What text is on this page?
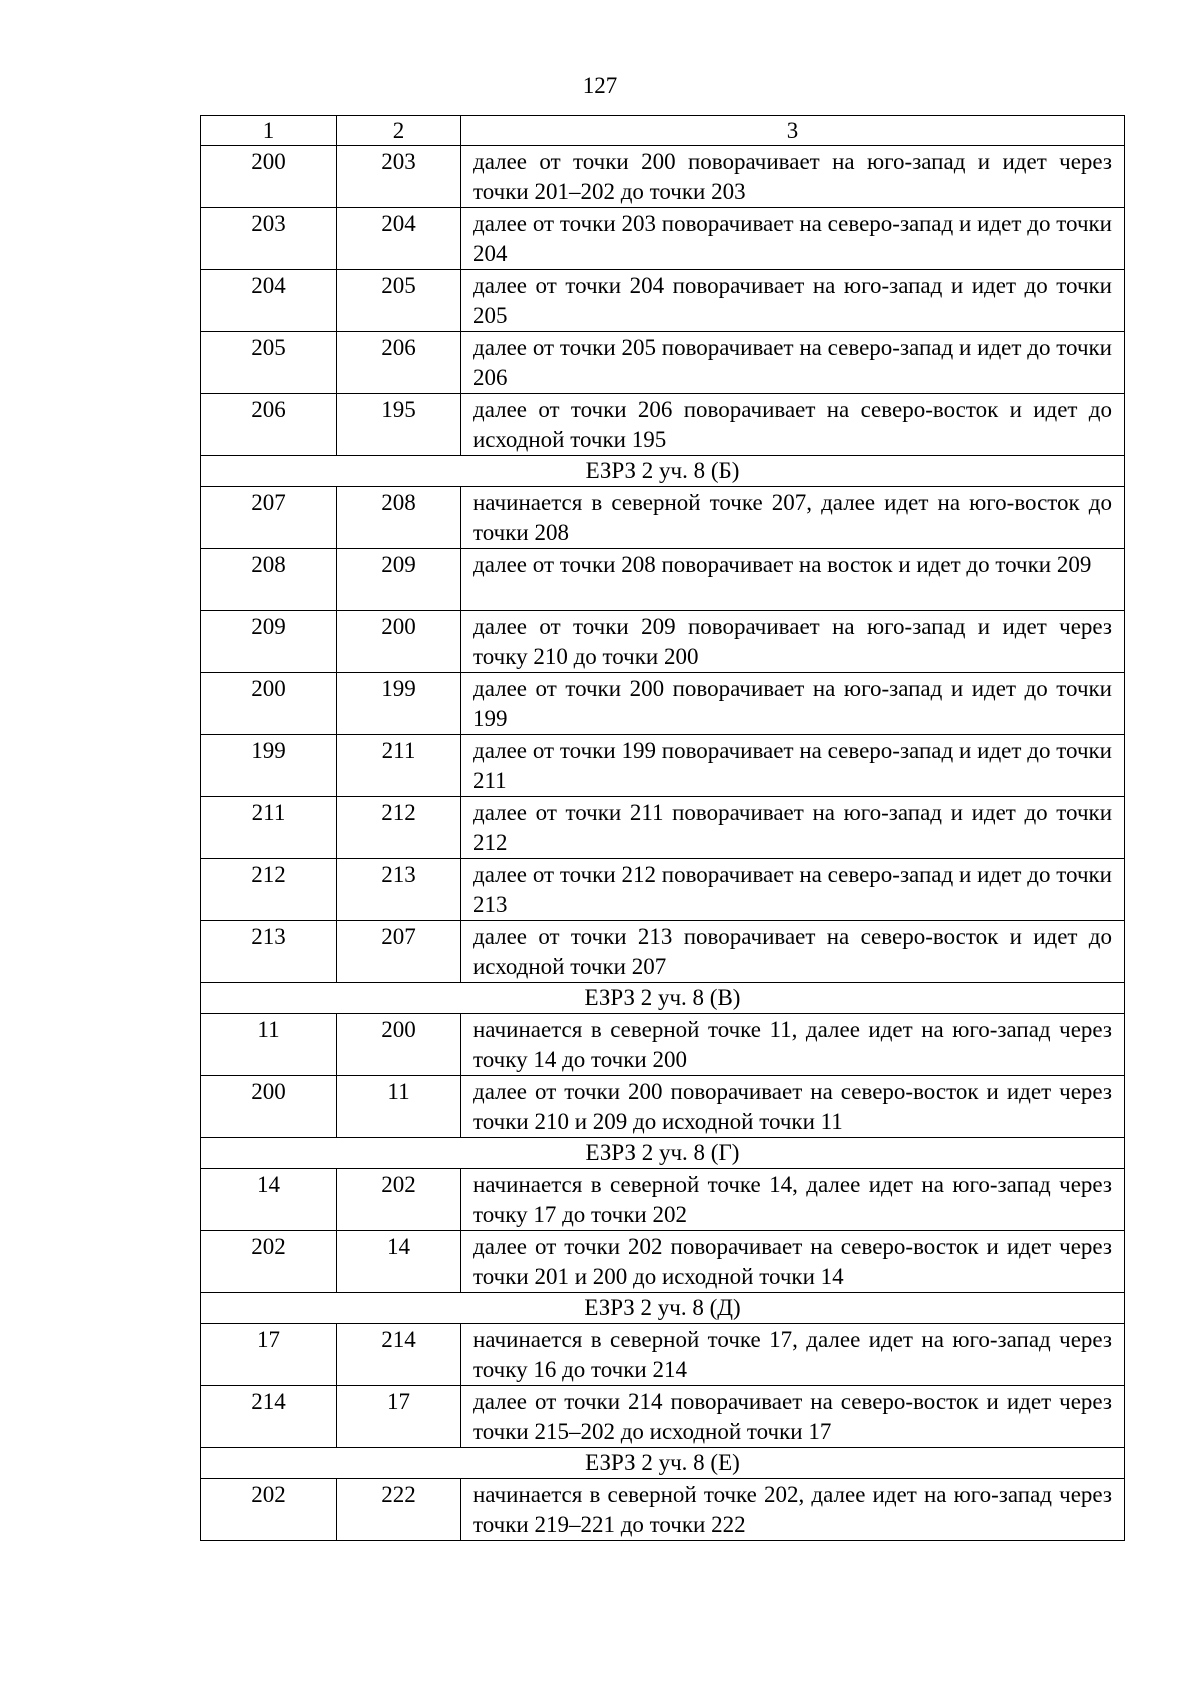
127
1	2	3
200	203	далее от точки 200 поворачивает на юго-запад и идет через точки 201–202 до точки 203
203	204	далее от точки 203 поворачивает на северо-запад и идет до точки 204
204	205	далее от точки 204 поворачивает на юго-запад и идет до точки 205
205	206	далее от точки 205 поворачивает на северо-запад и идет до точки 206
206	195	далее от точки 206 поворачивает на северо-восток и идет до исходной точки 195
ЕЗРЗ 2 уч. 8 (Б)		
207	208	начинается в северной точке 207, далее идет на юго-восток до точки 208
208	209	далее от точки 208 поворачивает на восток и идет до точки 209
209	200	далее от точки 209 поворачивает на юго-запад и идет через точку 210 до точки 200
200	199	далее от точки 200 поворачивает на юго-запад и идет до точки 199
199	211	далее от точки 199 поворачивает на северо-запад и идет до точки 211
211	212	далее от точки 211 поворачивает на юго-запад и идет до точки 212
212	213	далее от точки 212 поворачивает на северо-запад и идет до точки 213
213	207	далее от точки 213 поворачивает на северо-восток и идет до исходной точки 207
ЕЗРЗ 2 уч. 8 (В)		
11	200	начинается в северной точке 11, далее идет на юго-запад через точку 14 до точки 200
200	11	далее от точки 200 поворачивает на северо-восток и идет через точки 210 и 209 до исходной точки 11
ЕЗРЗ 2 уч. 8 (Г)		
14	202	начинается в северной точке 14, далее идет на юго-запад через точку 17 до точки 202
202	14	далее от точки 202 поворачивает на северо-восток и идет через точки 201 и 200 до исходной точки 14
ЕЗРЗ 2 уч. 8 (Д)		
17	214	начинается в северной точке 17, далее идет на юго-запад через точку 16 до точки 214
214	17	далее от точки 214 поворачивает на северо-восток и идет через точки 215–202 до исходной точки 17
ЕЗРЗ 2 уч. 8 (Е)		
202	222	начинается в северной точке 202, далее идет на юго-запад через точки 219–221 до точки 222
